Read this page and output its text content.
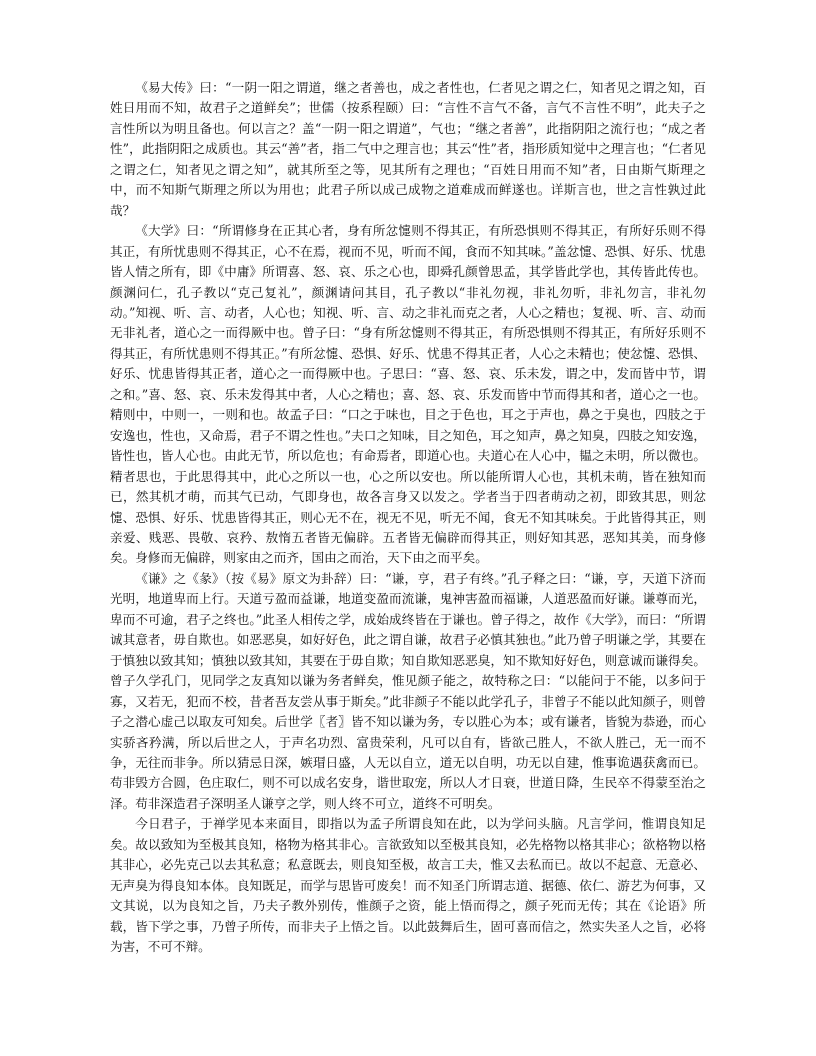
《易大传》曰：“一阴一阳之谓道，继之者善也，成之者性也，仁者见之谓之仁，知者见之谓之知，百姓日用而不知，故君子之道鲜矣”；世儒（按系程颐）曰：“言性不言气不备，言气不言性不明”，此夫子之言性所以为明且备也。何以言之？盖“一阴一阳之谓道”，气也；“继之者善”，此指阴阳之流行也；“成之者性”，此指阴阳之成质也。其云“善”者，指二气中之理言也；其云“性”者，指形质知觉中之理言也；“仁者见之谓之仁，知者见之谓之知”，就其所至之等，见其所有之理也；“百姓日用而不知”者，日由斯气斯理之中，而不知斯气斯理之所以为用也；此君子所以成己成物之道难成而鲜遂也。详斯言也，世之言性孰过此哉？

《大学》曰：“所谓修身在正其心者，身有所忿懥则不得其正，有所恐惧则不得其正，有所好乐则不得其正，有所忧患则不得其正，心不在焉，视而不见，听而不闻，食而不知其味。”盖忿懥、恐惧、好乐、忧患皆人情之所有，即《中庸》所谓喜、怒、哀、乐之心也，即舜孔颜曾思孟，其学皆此学也，其传皆此传也。颜渊问仁，孔子教以“克己复礼”，颜渊请问其目，孔子教以“非礼勿视，非礼勿听，非礼勿言，非礼勿动。”知视、听、言、动者，人心也；知视、听、言、动之非礼而克之者，人心之精也；复视、听、言、动而无非礼者，道心之一而得厥中也。曾子曰：“身有所忿懥则不得其正，有所恐惧则不得其正，有所好乐则不得其正，有所忧患则不得其正。”有所忿懥、恐惧、好乐、忧患不得其正者，人心之未精也；使忿懥、恐惧、好乐、忧患皆得其正者，道心之一而得厥中也。子思曰：“喜、怒、哀、乐未发，谓之中，发而皆中节，谓之和。”喜、怒、哀、乐未发得其中者，人心之精也；喜、怒、哀、乐发而皆中节而得其和者，道心之一也。精则中，中则一，一则和也。故孟子曰：“口之于味也，目之于色也，耳之于声也，鼻之于臭也，四肢之于安逸也，性也，又命焉，君子不谓之性也。”夫口之知味，目之知色，耳之知声，鼻之知臭，四肢之知安逸，皆性也，皆人心也。由此无节，所以危也；有命焉者，即道心也。夫道心在人心中，韫之未明，所以微也。精者思也，于此思得其中，此心之所以一也，心之所以安也。所以能所谓人心也，其机未萌，皆在独知而已，然其机才萌，而其气已动，气即身也，故各言身又以发之。学者当于四者萌动之初，即致其思，则忿懥、恐惧、好乐、忧患皆得其正，则心无不在，视无不见，听无不闻，食无不知其味矣。于此皆得其正，则亲爱、贱恶、畏敬、哀矜、敖惰五者皆无偏辟。五者皆无偏辟而得其正，则好知其恶，恶知其美，而身修矣。身修而无偏辟，则家由之而齐，国由之而治，天下由之而平矣。

《谦》之《彖》（按《易》原文为卦辞）曰：“谦，亨，君子有终。”孔子释之曰：“谦，亨，天道下济而光明，地道卑而上行。天道亏盈而益谦，地道变盈而流谦，鬼神害盈而福谦，人道恶盈而好谦。谦尊而光，卑而不可逾，君子之终也。”此圣人相传之学，成始成终皆在于谦也。曾子得之，故作《大学》，而曰：“所谓诚其意者，毋自欺也。如恶恶臭，如好好色，此之谓自谦，故君子必慎其独也。”此乃曾子明谦之学，其要在于慎独以致其知；慎独以致其知，其要在于毋自欺；知自欺知恶恶臭，知不欺知好好色，则意诚而谦得矣。曾子久学孔门，见同学之友真知以谦为务者鲜矣，惟见颜子能之，故特称之曰：“以能问于不能，以多问于寡，又若无，犯而不校，昔者吾友尝从事于斯矣。”此非颜子不能以此学孔子，非曾子不能以此知颜子，则曾子之潜心虚己以取友可知矣。后世学〖者〗皆不知以谦为务，专以胜心为本；或有谦者，皆貌为恭逊，而心实骄吝矜满，所以后世之人，于声名功烈、富贵荣利，凡可以自有，皆欲己胜人，不欲人胜己，无一而不争，无往而非争。所以猜忌日深，嫉瑁日盛，人无以自立，道无以自明，功无以自建，惟事诡遇获禽而已。苟非毁方合圆，色庄取仁，则不可以成名安身，谐世取宠，所以人才日衰，世道日降，生民卒不得蒙至治之泽。苟非深造君子深明圣人谦亨之学，则人终不可立，道终不可明矣。

今日君子，于禅学见本来面目，即指以为孟子所谓良知在此，以为学问头脑。凡言学问，惟谓良知足矣。故以致知为至极其良知，格物为格其非心。言欲致知以至极其良知，必先格物以格其非心；欲格物以格其非心，必先克己以去其私意；私意既去，则良知至极，故言工夫，惟又去私而已。故以不起意、无意必、无声臭为得良知本体。良知既足，而学与思皆可废矣！而不知圣门所谓志道、据德、依仁、游艺为何事，又文其说，以为良知之旨，乃夫子教外别传，惟颜子之资，能上悟而得之，颜子死而无传；其在《论语》所载，皆下学之事，乃曾子所传，而非夫子上悟之旨。以此鼓舞后生，固可喜而信之，然实失圣人之旨，必将为害，不可不辩。
